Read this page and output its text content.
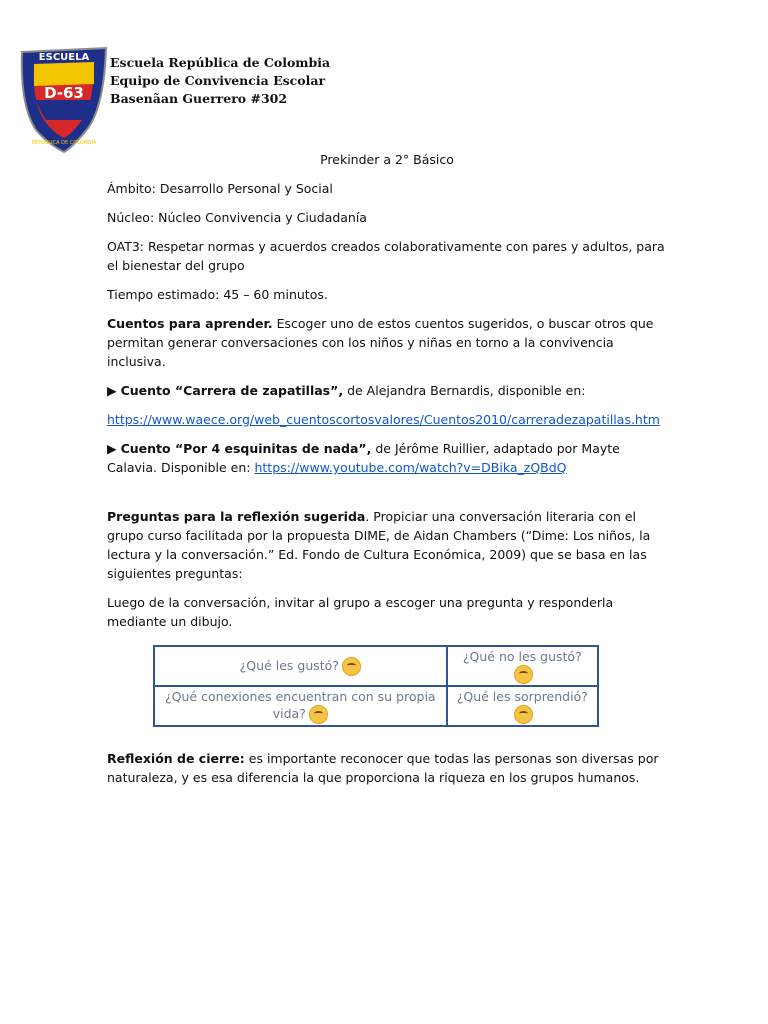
ESCUELA
D-63
REPÚBLICA DE COLOMBIA
Escuela República de Colombia
Equipo de Convivencia Escolar
Basenãan Guerrero #302

Prekinder a 2° Básico

Ámbito: Desarrollo Personal y Social

Núcleo: Núcleo Convivencia y Ciudadanía

OAT3: Respetar normas y acuerdos creados colaborativamente con pares y adultos, para el bienestar del grupo

Tiempo estimado: 45 – 60 minutos.

Cuentos para aprender. Escoger uno de estos cuentos sugeridos, o buscar otros que permitan generar conversaciones con los niños y niñas en torno a la convivencia inclusiva.

▶ Cuento “Carrera de zapatillas”, de Alejandra Bernardis, disponible en:

https://www.waece.org/web_cuentoscortosvalores/Cuentos2010/carreradezapatillas.htm

▶ Cuento “Por 4 esquinitas de nada”, de Jérôme Ruillier, adaptado por Mayte Calavia. Disponible en: https://www.youtube.com/watch?v=DBika_zQBdQ

Preguntas para la reflexión sugerida. Propiciar una conversación literaria con el grupo curso facilitada por la propuesta DIME, de Aidan Chambers (“Dime: Los niños, la lectura y la conversación.” Ed. Fondo de Cultura Económica, 2009) que se basa en las siguientes preguntas:

Luego de la conversación, invitar al grupo a escoger una pregunta y responderla mediante un dibujo.

¿Qué les gustó?	¿Qué no les gustó?
¿Qué conexiones encuentran con su propia vida?	¿Qué les sorprendió?

Reflexión de cierre: es importante reconocer que todas las personas son diversas por naturaleza, y es esa diferencia la que proporciona la riqueza en los grupos humanos.
